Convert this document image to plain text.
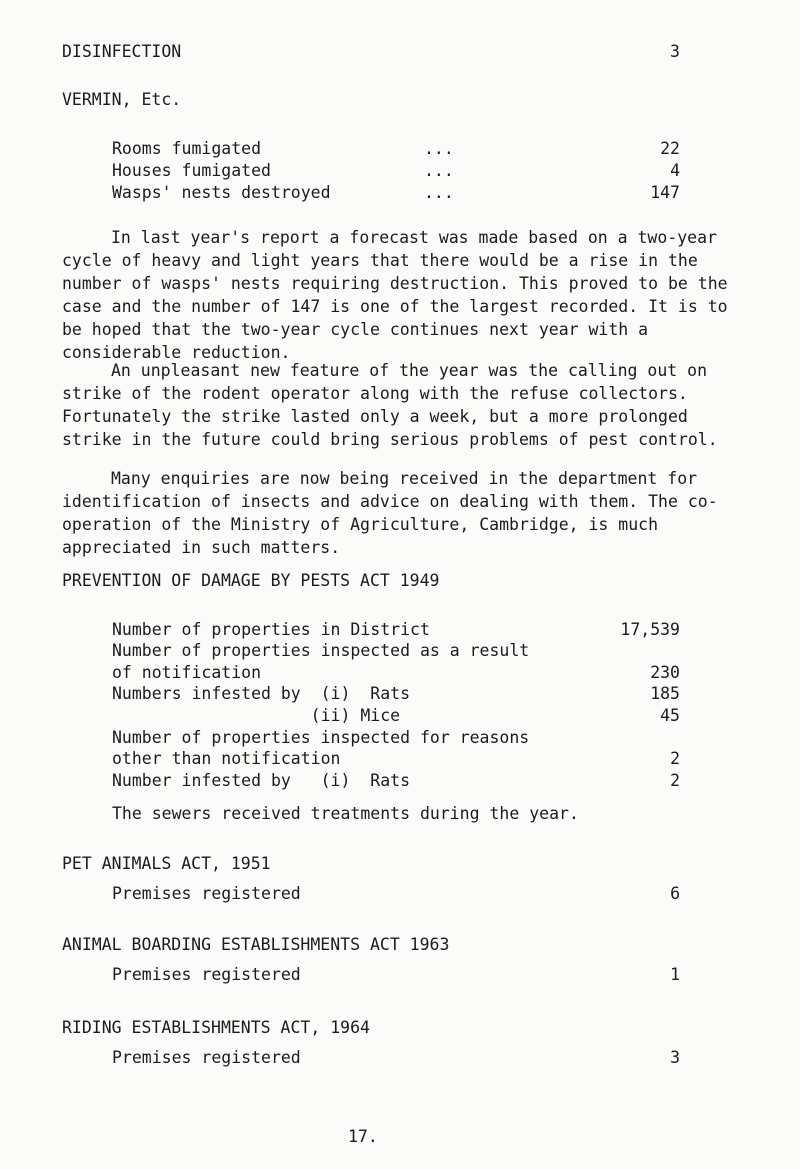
DISINFECTION	3
VERMIN, Etc.
Rooms fumigated	...	22
Houses fumigated	...	4
Wasps' nests destroyed	...	147

In last year's report a forecast was made based on a two-year cycle of heavy and light years that there would be a rise in the number of wasps' nests requiring destruction. This proved to be the case and the number of 147 is one of the largest recorded. It is to be hoped that the two-year cycle continues next year with a considerable reduction.

An unpleasant new feature of the year was the calling out on strike of the rodent operator along with the refuse collectors. Fortunately the strike lasted only a week, but a more prolonged strike in the future could bring serious problems of pest control.

Many enquiries are now being received in the department for identification of insects and advice on dealing with them. The co-operation of the Ministry of Agriculture, Cambridge, is much appreciated in such matters.

PREVENTION OF DAMAGE BY PESTS ACT 1949
Number of properties in District	17,539
Number of properties inspected as a result
of notification	230
Numbers infested by  (i)  Rats	185
(ii) Mice	45
Number of properties inspected for reasons
other than notification	2
Number infested by   (i)  Rats	2
The sewers received treatments during the year.
PET ANIMALS ACT, 1951
Premises registered	6
ANIMAL BOARDING ESTABLISHMENTS ACT 1963
Premises registered	1
RIDING ESTABLISHMENTS ACT, 1964
Premises registered	3
17.
